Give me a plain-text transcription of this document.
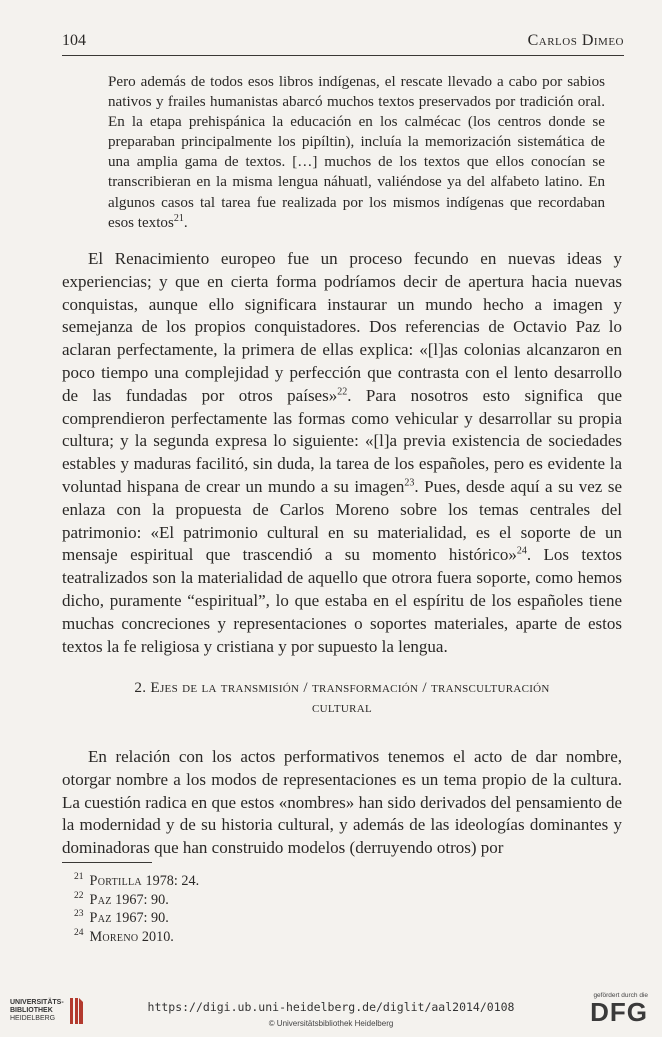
104	Carlos Dimeo
Pero además de todos esos libros indígenas, el rescate llevado a cabo por sabios nativos y frailes humanistas abarcó muchos textos preservados por tradición oral. En la etapa prehispánica la educación en los calmécac (los centros donde se preparaban principalmente los pipíltin), incluía la memorización sistemática de una amplia gama de textos. […] muchos de los textos que ellos conocían se transcribieran en la misma lengua náhuatl, valiéndose ya del alfabeto latino. En algunos casos tal tarea fue realizada por los mismos indígenas que recordaban esos textos$^{21}$.
El Renacimiento europeo fue un proceso fecundo en nuevas ideas y experiencias; y que en cierta forma podríamos decir de apertura hacia nuevas conquistas, aunque ello significara instaurar un mundo hecho a imagen y semejanza de los propios conquistadores. Dos referencias de Octavio Paz lo aclaran perfectamente, la primera de ellas explica: «[l]as colonias alcanzaron en poco tiempo una complejidad y perfección que contrasta con el lento desarrollo de las fundadas por otros países»$^{22}$. Para nosotros esto significa que comprendieron perfectamente las formas como vehicular y desarrollar su propia cultura; y la segunda expresa lo siguiente: «[l]a previa existencia de sociedades estables y maduras facilitó, sin duda, la tarea de los españoles, pero es evidente la voluntad hispana de crear un mundo a su imagen$^{23}$. Pues, desde aquí a su vez se enlaza con la propuesta de Carlos Moreno sobre los temas centrales del patrimonio: «El patrimonio cultural en su materialidad, es el soporte de un mensaje espiritual que trascendió a su momento histórico»$^{24}$. Los textos teatralizados son la materialidad de aquello que otrora fuera soporte, como hemos dicho, puramente “espiritual”, lo que estaba en el espíritu de los españoles tiene muchas concreciones y representaciones o soportes materiales, aparte de estos textos la fe religiosa y cristiana y por supuesto la lengua.
2. Ejes de la transmisión / transformación / transculturación
cultural
En relación con los actos performativos tenemos el acto de dar nombre, otorgar nombre a los modos de representaciones es un tema propio de la cultura. La cuestión radica en que estos «nombres» han sido derivados del pensamiento de la modernidad y de su historia cultural, y además de las ideologías dominantes y dominadoras que han construido modelos (derruyendo otros) por
$^{21}$ Portilla 1978: 24.
$^{22}$ Paz 1967: 90.
$^{23}$ Paz 1967: 90.
$^{24}$ Moreno 2010.
UNIVERSITÄTS-
BIBLIOTHEK
HEIDELBERG
https://digi.ub.uni-heidelberg.de/diglit/aal2014/0108
© Universitätsbibliothek Heidelberg
gefördert durch die
DFG
